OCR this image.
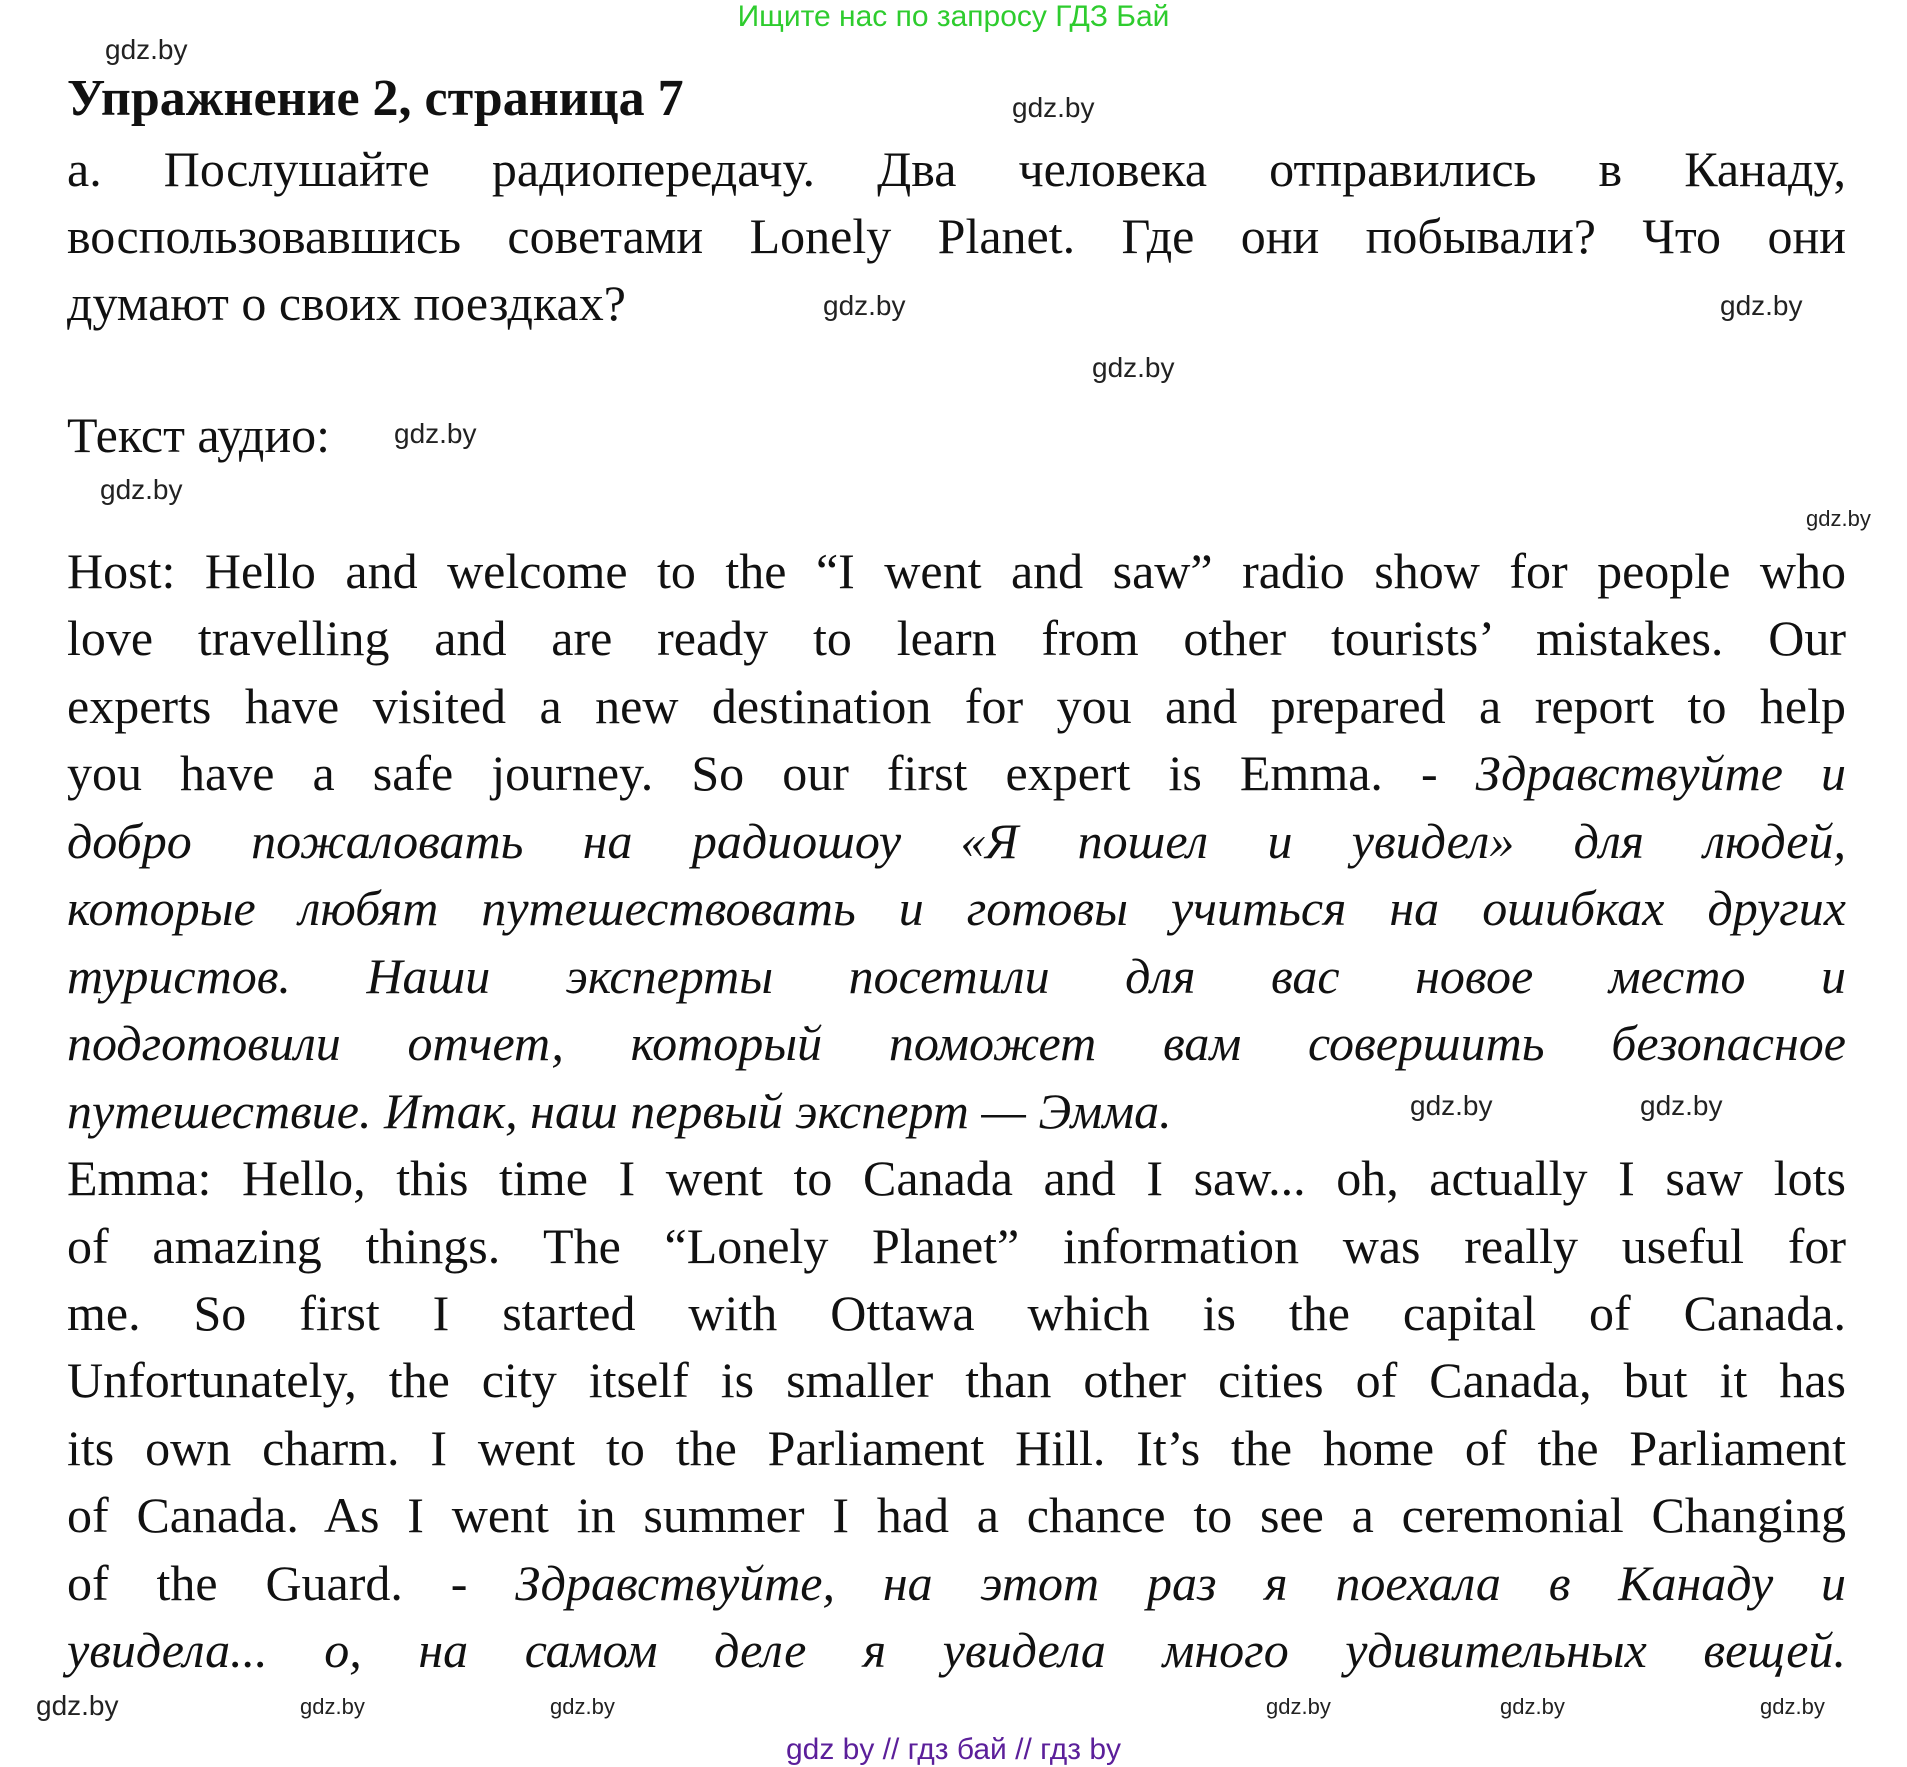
Ищите нас по запросу ГДЗ Бай
Упражнение 2, страница 7
а. Послушайте радиопередачу. Два человека отправились в Канаду,
воспользовавшись советами Lonely Planet. Где они побывали? Что они
думают о своих поездках?
Текст аудио:
Host: Hello and welcome to the “I went and saw” radio show for people who
love travelling and are ready to learn from other tourists’ mistakes. Our
experts have visited a new destination for you and prepared a report to help
you have a safe journey. So our first expert is Emma. - Здравствуйте и
добро пожаловать на радиошоу «Я пошел и увидел» для людей,
которые любят путешествовать и готовы учиться на ошибках других
туристов. Наши эксперты посетили для вас новое место и
подготовили отчет, который поможет вам совершить безопасное
путешествие. Итак, наш первый эксперт — Эмма.
Emma: Hello, this time I went to Canada and I saw... oh, actually I saw lots
of amazing things. The “Lonely Planet” information was really useful for
me. So first I started with Ottawa which is the capital of Canada.
Unfortunately, the city itself is smaller than other cities of Canada, but it has
its own charm. I went to the Parliament Hill. It’s the home of the Parliament
of Canada. As I went in summer I had a chance to see a ceremonial Changing
of the Guard. - Здравствуйте, на этот раз я поехала в Канаду и
увидела... о, на самом деле я увидела много удивительных вещей.
gdz.by
gdz.by
gdz.by
gdz.by
gdz.by
gdz.by
gdz.by
gdz.by
gdz.by	gdz.by
gdz.by	gdz.by
gdz.by	gdz.by	gdz.by
gdz.by
gdz by // гдз бай // гдз by
